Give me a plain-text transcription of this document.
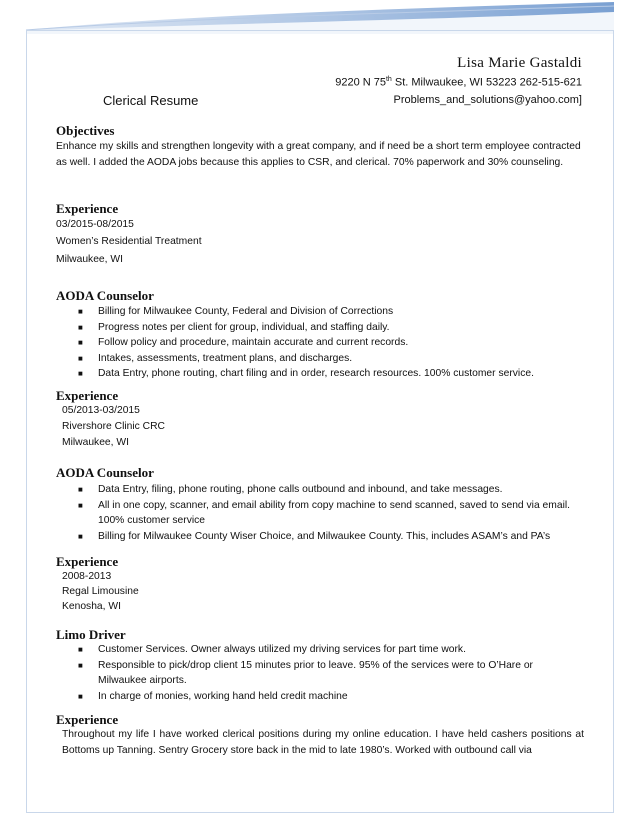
Lisa Marie Gastaldi
9220 N 75th St. Milwaukee, WI 53223 262-515-621
Clerical Resume	Problems_and_solutions@yahoo.com]
Objectives
Enhance my skills and strengthen longevity with a great company, and if need be a short term employee contracted as well. I added the AODA jobs because this applies to CSR, and clerical. 70% paperwork and 30% counseling.
Experience
03/2015-08/2015
Women’s Residential Treatment
Milwaukee, WI
AODA Counselor
■ Billing for Milwaukee County, Federal and Division of Corrections
■ Progress notes per client for group, individual, and staffing daily.
■ Follow policy and procedure, maintain accurate and current records.
■ Intakes, assessments, treatment plans, and discharges.
■ Data Entry, phone routing, chart filing and in order, research resources. 100% customer service.
Experience
05/2013-03/2015
Rivershore Clinic CRC
Milwaukee, WI
AODA Counselor
■ Data Entry, filing, phone routing, phone calls outbound and inbound, and take messages.
■ All in one copy, scanner, and email ability from copy machine to send scanned, saved to send via email. 100% customer service
■ Billing for Milwaukee County Wiser Choice, and Milwaukee County. This, includes ASAM’s and PA’s
Experience
2008-2013
Regal Limousine
Kenosha, WI
Limo Driver
■ Customer Services. Owner always utilized my driving services for part time work.
■ Responsible to pick/drop client 15 minutes prior to leave. 95% of the services were to O’Hare or Milwaukee airports.
■ In charge of monies, working hand held credit machine
Experience
Throughout my life I have worked clerical positions during my online education. I have held cashers positions at Bottoms up Tanning. Sentry Grocery store back in the mid to late 1980’s. Worked with outbound call via
